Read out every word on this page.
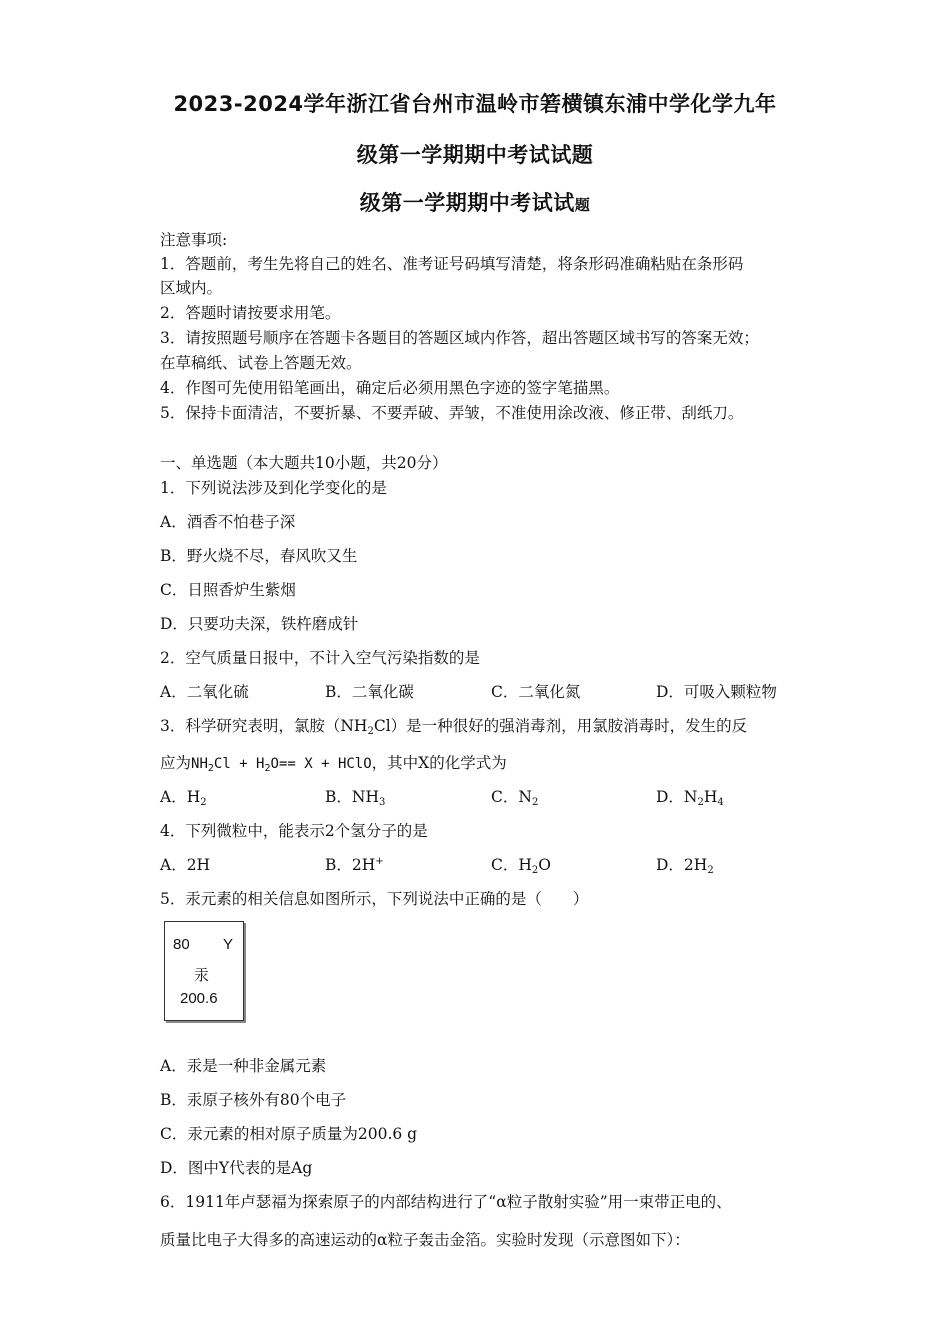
2023-2024学年浙江省台州市温岭市箬横镇东浦中学化学九年
级第一学期期中考试试题
级第一学期期中考试试题
注意事项:
1．答题前，考生先将自己的姓名、准考证号码填写清楚，将条形码准确粘贴在条形码
区域内。
2．答题时请按要求用笔。
3．请按照题号顺序在答题卡各题目的答题区域内作答，超出答题区域书写的答案无效；
在草稿纸、试卷上答题无效。
4．作图可先使用铅笔画出，确定后必须用黑色字迹的签字笔描黑。
5．保持卡面清洁，不要折暴、不要弄破、弄皱，不准使用涂改液、修正带、刮纸刀。
一、单选题（本大题共10小题，共20分）
1．下列说法涉及到化学变化的是
A．酒香不怕巷子深
B．野火烧不尽，春风吹又生
C．日照香炉生紫烟
D．只要功夫深，铁杵磨成针
2．空气质量日报中，不计入空气污染指数的是
A．二氧化硫	B．二氧化碳	C．二氧化氮	D．可吸入颗粒物
3．科学研究表明，氯胺$(NH_2Cl)$是一种很好的强消毒剂，用氯胺消毒时，发生的反
应为$NH_2Cl + H_2O== X$ + HClO，其中X的化学式为
A．$H_2$	B．$NH_3$	C．$N_2$	D．$N_2H_4$
4．下列微粒中，能表示2个氢分子的是
A．2H	B．2H+	C．$H_2O$	D．$2H_2$
5．汞元素的相关信息如图所示，下列说法中正确的是（　　）
80 Y
汞
200.6
A．汞是一种非金属元素
B．汞原子核外有80个电子
C．汞元素的相对原子质量为200.6 g
D．图中Y代表的是Ag
6．1911年卢瑟福为探索原子的内部结构进行了“α粒子散射实验”用一束带正电的、
质量比电子大得多的高速运动的α粒子轰击金箔。实验时发现（示意图如下）：
